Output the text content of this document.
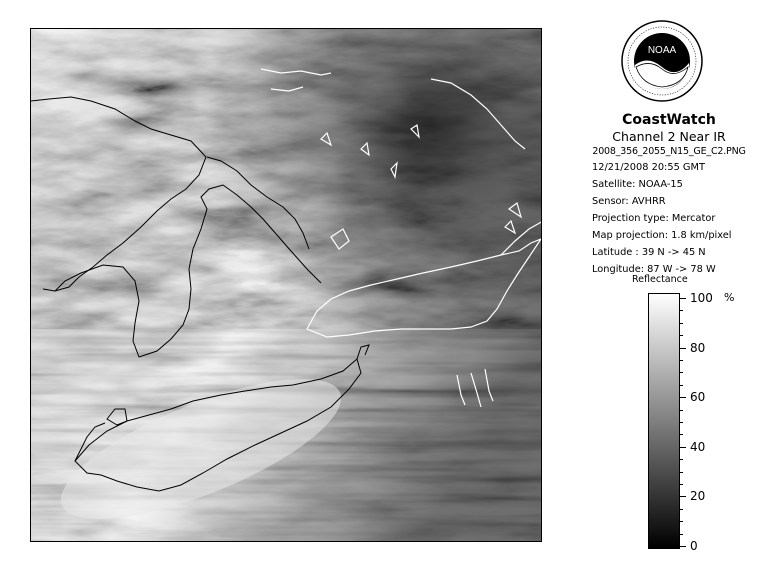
NOAA
CoastWatch
Channel 2 Near IR
2008_356_2055_N15_GE_C2.PNG
12/21/2008 20:55 GMT
Satellite: NOAA-15
Sensor: AVHRR
Projection type: Mercator
Map projection: 1.8 km/pixel
Latitude : 39 N -> 45 N
Longitude: 87 W -> 78 W
Reflectance
%
100
80
60
40
20
0
